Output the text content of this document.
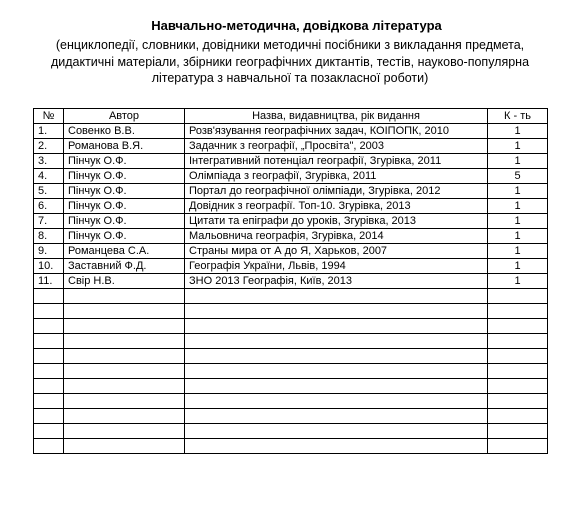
Навчально-методична, довідкова література
(енциклопедії, словники, довідники методичні посібники з викладання предмета, дидактичні матеріали, збірники географічних диктантів, тестів, науково-популярна література з навчальної та позакласної роботи)
№	Автор	Назва, видавництва, рік видання	К - ть
1.	Совенко В.В.	Розв'язування географічних задач, КОІПОПК, 2010	1
2.	Романова В.Я.	Задачник з географії, „Просвіта", 2003	1
3.	Пінчук О.Ф.	Інтегративний потенціал географії, Згурівка, 2011	1
4.	Пінчук О.Ф.	Олімпіада з географії, Згурівка, 2011	5
5.	Пінчук О.Ф.	Портал до географічної олімпіади, Згурівка, 2012	1
6.	Пінчук О.Ф.	Довідник з географії. Топ-10. Згурівка, 2013	1
7.	Пінчук О.Ф.	Цитати та епіграфи до уроків, Згурівка, 2013	1
8.	Пінчук О.Ф.	Мальовнича географія, Згурівка, 2014	1
9.	Романцева С.А.	Страны мира от А до Я, Харьков, 2007	1
10.	Заставний Ф.Д.	Географія України, Львів, 1994	1
11.	Свір Н.В.	ЗНО 2013 Географія, Київ, 2013	1
